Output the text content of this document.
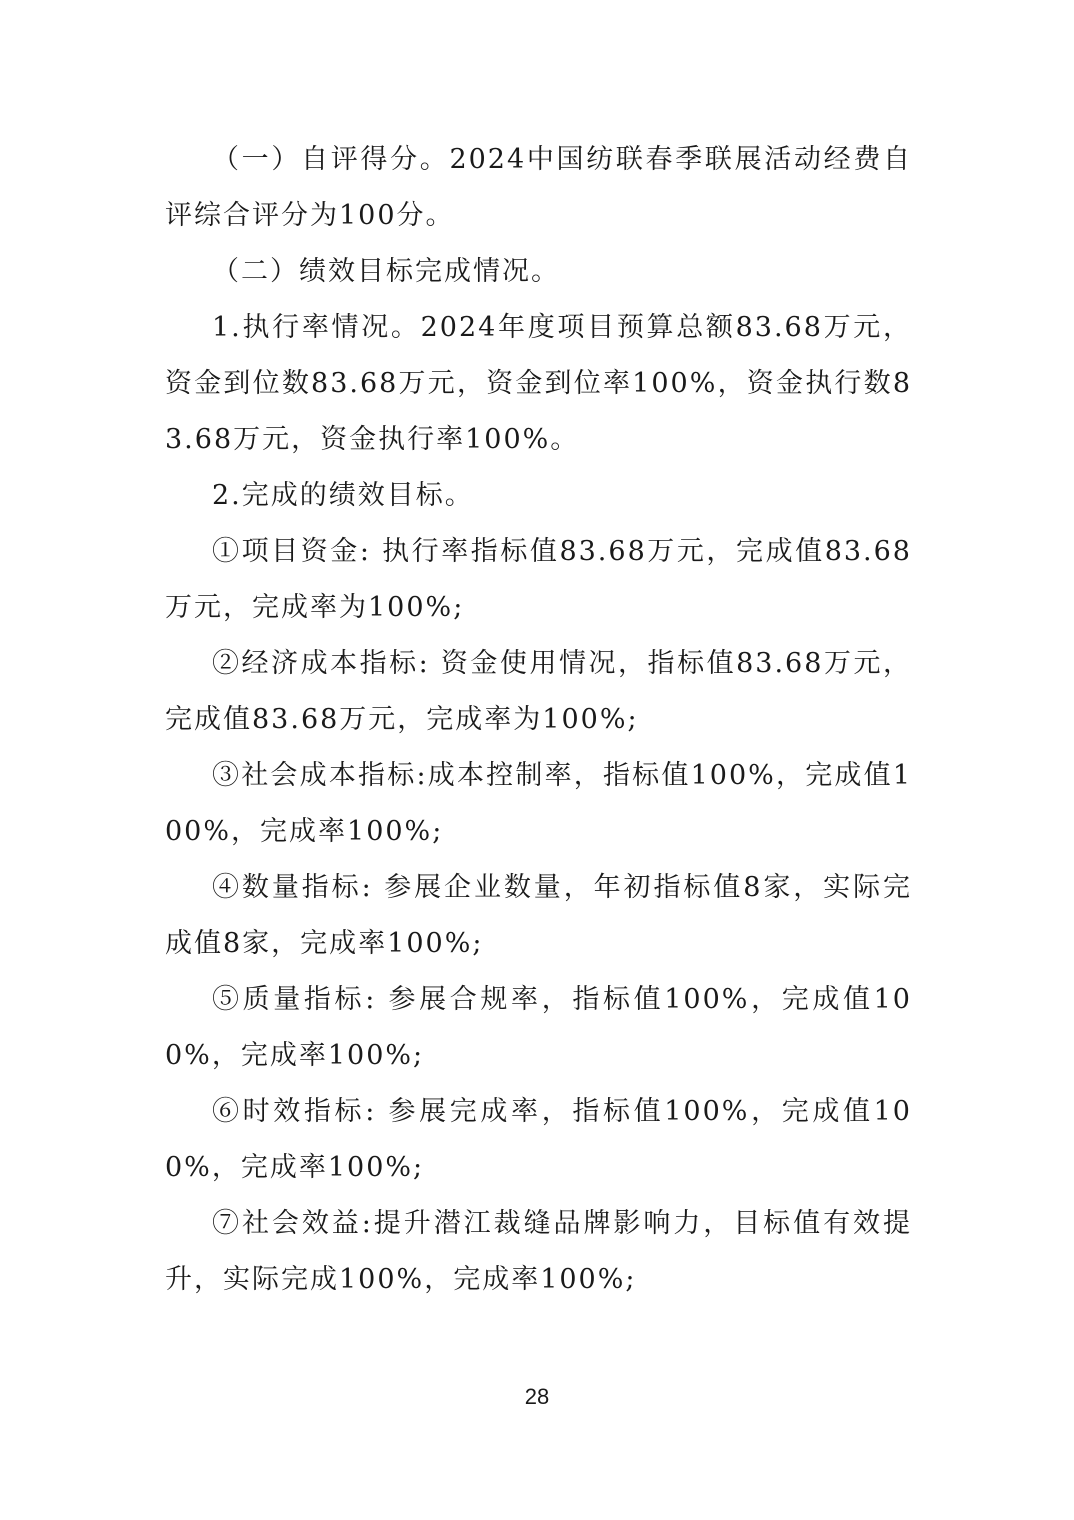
（一）自评得分。2024中国纺联春季联展活动经费自评综合评分为100分。

（二）绩效目标完成情况。

1.执行率情况。2024年度项目预算总额83.68万元，资金到位数83.68万元，资金到位率100%，资金执行数83.68万元，资金执行率100%。

2.完成的绩效目标。

①项目资金: 执行率指标值83.68万元，完成值83.68万元，完成率为100%;

②经济成本指标: 资金使用情况，指标值83.68万元，完成值83.68万元，完成率为100%;

③社会成本指标:成本控制率，指标值100%，完成值100%，完成率100%;

④数量指标: 参展企业数量，年初指标值8家，实际完成值8家，完成率100%;

⑤质量指标: 参展合规率，指标值100%，完成值100%，完成率100%;

⑥时效指标: 参展完成率，指标值100%，完成值100%，完成率100%;

⑦社会效益:提升潜江裁缝品牌影响力，目标值有效提升，实际完成100%，完成率100%;

28
